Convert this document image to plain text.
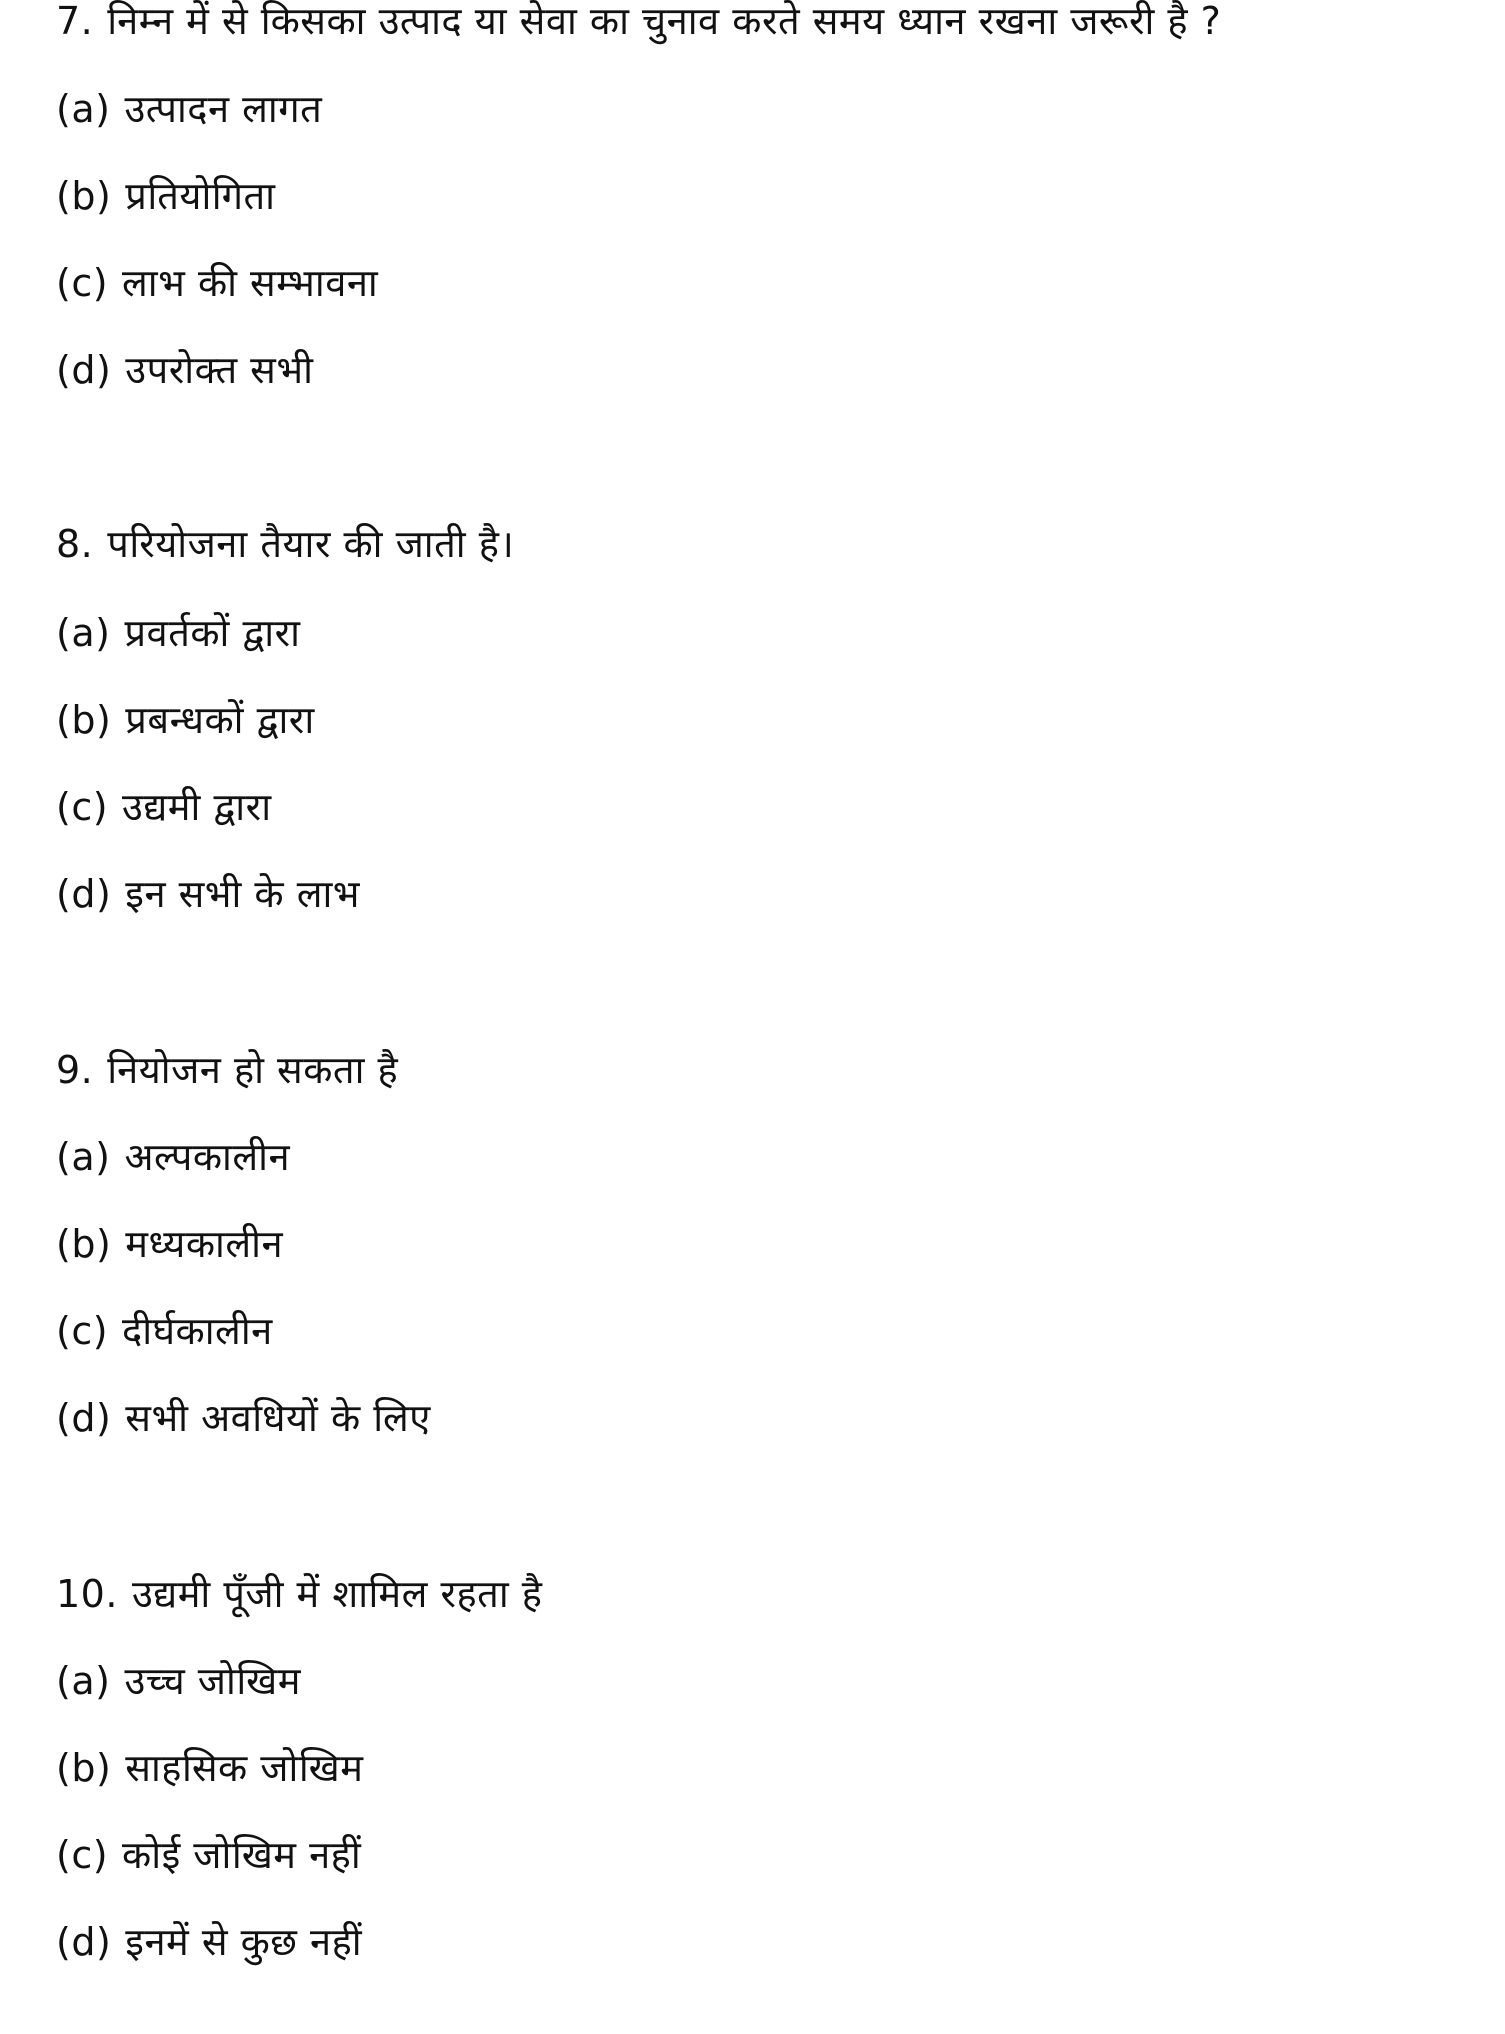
7. निम्न में से किसका उत्पाद या सेवा का चुनाव करते समय ध्यान रखना जरूरी है ?
(a) उत्पादन लागत
(b) प्रतियोगिता
(c) लाभ की सम्भावना
(d) उपरोक्त सभी
8. परियोजना तैयार की जाती है।
(a) प्रवर्तकों द्वारा
(b) प्रबन्धकों द्वारा
(c) उद्यमी द्वारा
(d) इन सभी के लाभ
9. नियोजन हो सकता है
(a) अल्पकालीन
(b) मध्यकालीन
(c) दीर्घकालीन
(d) सभी अवधियों के लिए
10. उद्यमी पूँजी में शामिल रहता है
(a) उच्च जोखिम
(b) साहसिक जोखिम
(c) कोई जोखिम नहीं
(d) इनमें से कुछ नहीं
